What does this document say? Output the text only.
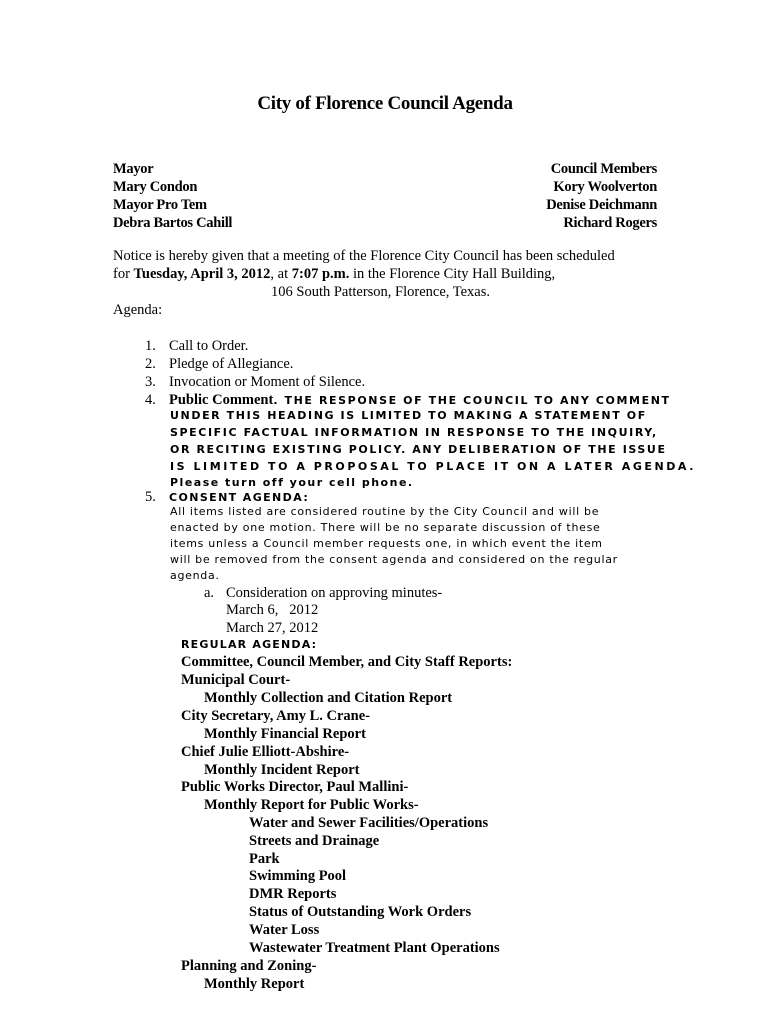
City of Florence Council Agenda
Mayor
Mary Condon
Mayor Pro Tem
Debra Bartos Cahill
Council Members
Kory Woolverton
Denise Deichmann
Richard Rogers
Notice is hereby given that a meeting of the Florence City Council has been scheduled
for Tuesday, April 3, 2012, at 7:07 p.m. in the Florence City Hall Building,

106 South Patterson, Florence, Texas.
Agenda:
1. Call to Order.
2. Pledge of Allegiance.
3. Invocation or Moment of Silence.
4. Public Comment. THE RESPONSE OF THE COUNCIL TO ANY COMMENT
UNDER THIS HEADING IS LIMITED TO MAKING A STATEMENT OF
SPECIFIC FACTUAL INFORMATION IN RESPONSE TO THE INQUIRY,
OR RECITING EXISTING POLICY. ANY DELIBERATION OF THE ISSUE
IS LIMITED TO A PROPOSAL TO PLACE IT ON A LATER AGENDA.
Please turn off your cell phone.
5. CONSENT AGENDA:
All items listed are considered routine by the City Council and will be
enacted by one motion. There will be no separate discussion of these
items unless a Council member requests one, in which event the item
will be removed from the consent agenda and considered on the regular
agenda.
a. Consideration on approving minutes-
March 6,   2012
March 27, 2012
REGULAR AGENDA:
Committee, Council Member, and City Staff Reports:
Municipal Court-
Monthly Collection and Citation Report
City Secretary, Amy L. Crane-
Monthly Financial Report
Chief Julie Elliott-Abshire-
Monthly Incident Report
Public Works Director, Paul Mallini-
Monthly Report for Public Works-
Water and Sewer Facilities/Operations
Streets and Drainage
Park
Swimming Pool
DMR Reports
Status of Outstanding Work Orders
Water Loss
Wastewater Treatment Plant Operations
Planning and Zoning-
Monthly Report
